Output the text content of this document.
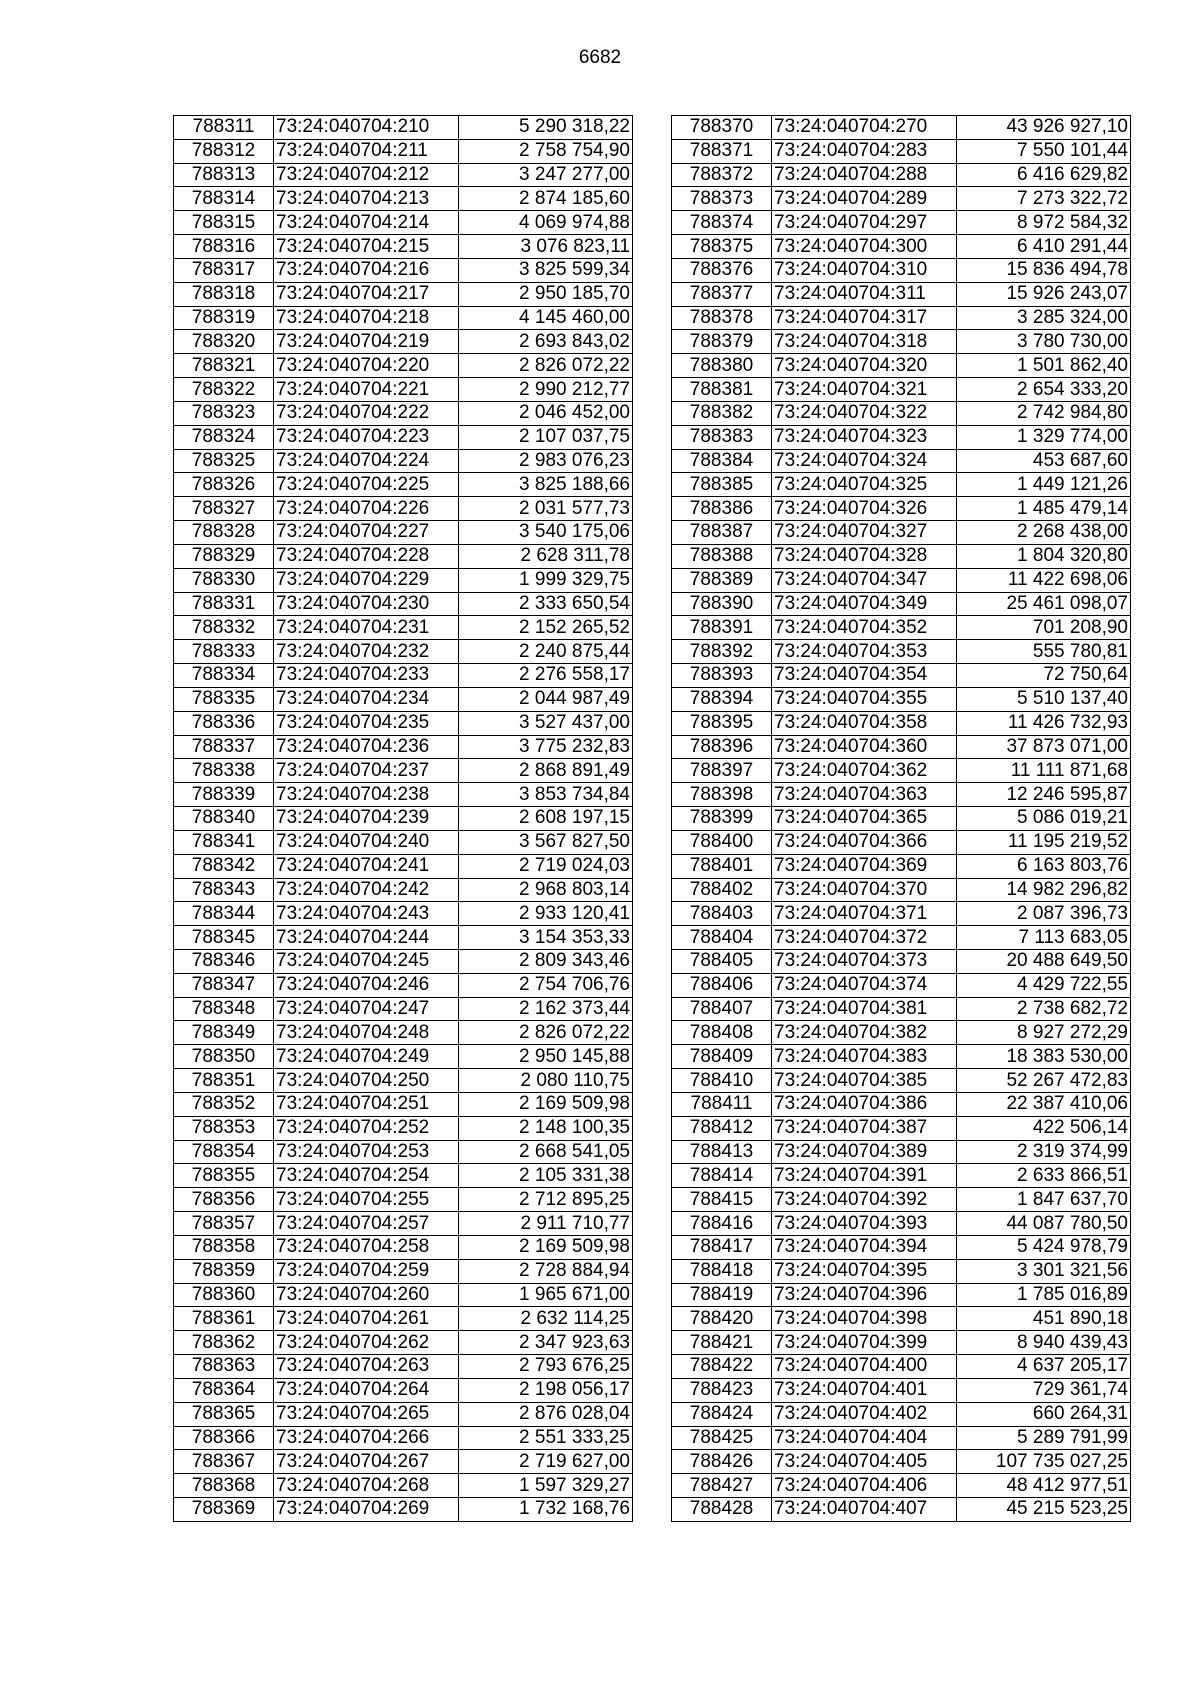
6682
788311	73:24:040704:210	5 290 318,22
788312	73:24:040704:211	2 758 754,90
788313	73:24:040704:212	3 247 277,00
788314	73:24:040704:213	2 874 185,60
788315	73:24:040704:214	4 069 974,88
788316	73:24:040704:215	3 076 823,11
788317	73:24:040704:216	3 825 599,34
788318	73:24:040704:217	2 950 185,70
788319	73:24:040704:218	4 145 460,00
788320	73:24:040704:219	2 693 843,02
788321	73:24:040704:220	2 826 072,22
788322	73:24:040704:221	2 990 212,77
788323	73:24:040704:222	2 046 452,00
788324	73:24:040704:223	2 107 037,75
788325	73:24:040704:224	2 983 076,23
788326	73:24:040704:225	3 825 188,66
788327	73:24:040704:226	2 031 577,73
788328	73:24:040704:227	3 540 175,06
788329	73:24:040704:228	2 628 311,78
788330	73:24:040704:229	1 999 329,75
788331	73:24:040704:230	2 333 650,54
788332	73:24:040704:231	2 152 265,52
788333	73:24:040704:232	2 240 875,44
788334	73:24:040704:233	2 276 558,17
788335	73:24:040704:234	2 044 987,49
788336	73:24:040704:235	3 527 437,00
788337	73:24:040704:236	3 775 232,83
788338	73:24:040704:237	2 868 891,49
788339	73:24:040704:238	3 853 734,84
788340	73:24:040704:239	2 608 197,15
788341	73:24:040704:240	3 567 827,50
788342	73:24:040704:241	2 719 024,03
788343	73:24:040704:242	2 968 803,14
788344	73:24:040704:243	2 933 120,41
788345	73:24:040704:244	3 154 353,33
788346	73:24:040704:245	2 809 343,46
788347	73:24:040704:246	2 754 706,76
788348	73:24:040704:247	2 162 373,44
788349	73:24:040704:248	2 826 072,22
788350	73:24:040704:249	2 950 145,88
788351	73:24:040704:250	2 080 110,75
788352	73:24:040704:251	2 169 509,98
788353	73:24:040704:252	2 148 100,35
788354	73:24:040704:253	2 668 541,05
788355	73:24:040704:254	2 105 331,38
788356	73:24:040704:255	2 712 895,25
788357	73:24:040704:257	2 911 710,77
788358	73:24:040704:258	2 169 509,98
788359	73:24:040704:259	2 728 884,94
788360	73:24:040704:260	1 965 671,00
788361	73:24:040704:261	2 632 114,25
788362	73:24:040704:262	2 347 923,63
788363	73:24:040704:263	2 793 676,25
788364	73:24:040704:264	2 198 056,17
788365	73:24:040704:265	2 876 028,04
788366	73:24:040704:266	2 551 333,25
788367	73:24:040704:267	2 719 627,00
788368	73:24:040704:268	1 597 329,27
788369	73:24:040704:269	1 732 168,76
788370	73:24:040704:270	43 926 927,10
788371	73:24:040704:283	7 550 101,44
788372	73:24:040704:288	6 416 629,82
788373	73:24:040704:289	7 273 322,72
788374	73:24:040704:297	8 972 584,32
788375	73:24:040704:300	6 410 291,44
788376	73:24:040704:310	15 836 494,78
788377	73:24:040704:311	15 926 243,07
788378	73:24:040704:317	3 285 324,00
788379	73:24:040704:318	3 780 730,00
788380	73:24:040704:320	1 501 862,40
788381	73:24:040704:321	2 654 333,20
788382	73:24:040704:322	2 742 984,80
788383	73:24:040704:323	1 329 774,00
788384	73:24:040704:324	453 687,60
788385	73:24:040704:325	1 449 121,26
788386	73:24:040704:326	1 485 479,14
788387	73:24:040704:327	2 268 438,00
788388	73:24:040704:328	1 804 320,80
788389	73:24:040704:347	11 422 698,06
788390	73:24:040704:349	25 461 098,07
788391	73:24:040704:352	701 208,90
788392	73:24:040704:353	555 780,81
788393	73:24:040704:354	72 750,64
788394	73:24:040704:355	5 510 137,40
788395	73:24:040704:358	11 426 732,93
788396	73:24:040704:360	37 873 071,00
788397	73:24:040704:362	11 111 871,68
788398	73:24:040704:363	12 246 595,87
788399	73:24:040704:365	5 086 019,21
788400	73:24:040704:366	11 195 219,52
788401	73:24:040704:369	6 163 803,76
788402	73:24:040704:370	14 982 296,82
788403	73:24:040704:371	2 087 396,73
788404	73:24:040704:372	7 113 683,05
788405	73:24:040704:373	20 488 649,50
788406	73:24:040704:374	4 429 722,55
788407	73:24:040704:381	2 738 682,72
788408	73:24:040704:382	8 927 272,29
788409	73:24:040704:383	18 383 530,00
788410	73:24:040704:385	52 267 472,83
788411	73:24:040704:386	22 387 410,06
788412	73:24:040704:387	422 506,14
788413	73:24:040704:389	2 319 374,99
788414	73:24:040704:391	2 633 866,51
788415	73:24:040704:392	1 847 637,70
788416	73:24:040704:393	44 087 780,50
788417	73:24:040704:394	5 424 978,79
788418	73:24:040704:395	3 301 321,56
788419	73:24:040704:396	1 785 016,89
788420	73:24:040704:398	451 890,18
788421	73:24:040704:399	8 940 439,43
788422	73:24:040704:400	4 637 205,17
788423	73:24:040704:401	729 361,74
788424	73:24:040704:402	660 264,31
788425	73:24:040704:404	5 289 791,99
788426	73:24:040704:405	107 735 027,25
788427	73:24:040704:406	48 412 977,51
788428	73:24:040704:407	45 215 523,25
